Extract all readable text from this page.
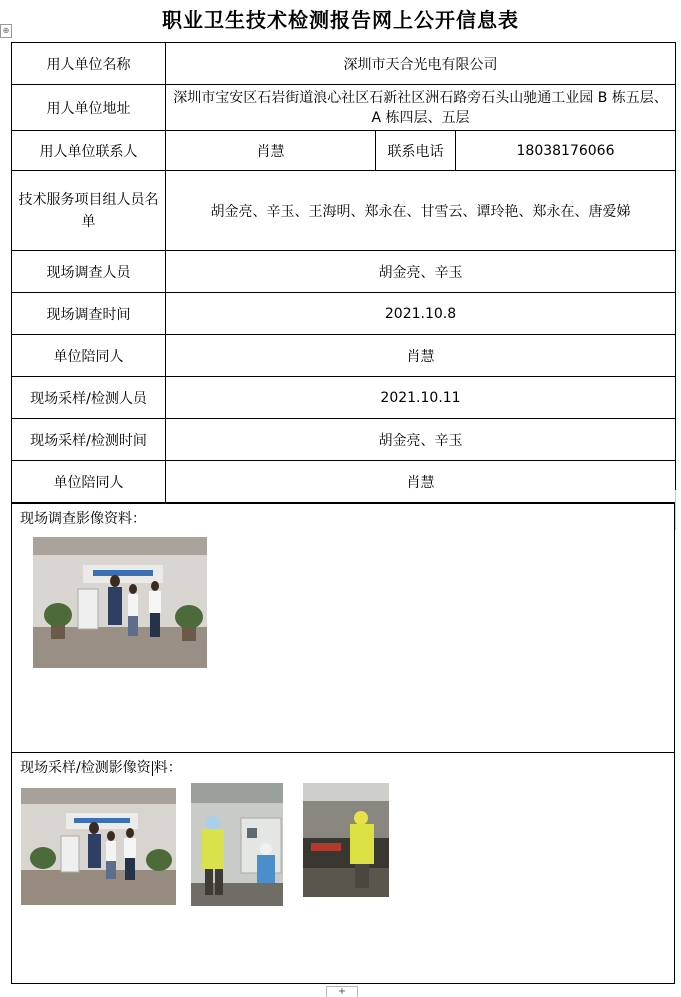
职业卫生技术检测报告网上公开信息表
⊕
用人单位名称	深圳市天合光电有限公司		
用人单位地址	深圳市宝安区石岩街道浪心社区石新社区洲石路旁石头山驰通工业园 B 栋五层、A 栋四层、五层		
用人单位联系人	肖慧	联系电话	18038176066
技术服务项目组人员名单	胡金亮、辛玉、王海明、郑永在、甘雪云、谭玲艳、郑永在、唐爱娣		
现场调查人员	胡金亮、辛玉		
现场调查时间	2021.10.8		
单位陪同人	肖慧		
现场采样/检测人员	2021.10.11		
现场采样/检测时间	胡金亮、辛玉		
单位陪同人	肖慧		
现场调查影像资料：
现场采样/检测影像资 料：
+
